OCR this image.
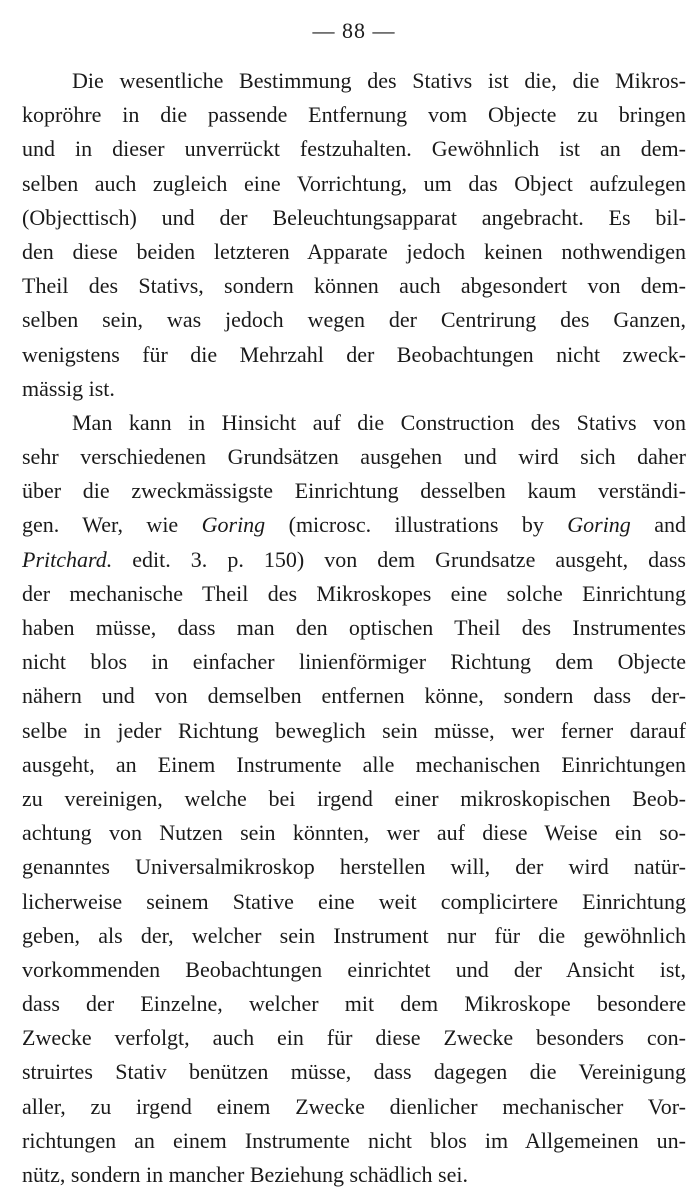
— 88 —
Die wesentliche Bestimmung des Stativs ist die, die Mikros-
kopröhre in die passende Entfernung vom Objecte zu bringen
und in dieser unverrückt festzuhalten. Gewöhnlich ist an dem-
selben auch zugleich eine Vorrichtung, um das Object aufzulegen
(Objecttisch) und der Beleuchtungsapparat angebracht. Es bil-
den diese beiden letzteren Apparate jedoch keinen nothwendigen
Theil des Stativs, sondern können auch abgesondert von dem-
selben sein, was jedoch wegen der Centrirung des Ganzen,
wenigstens für die Mehrzahl der Beobachtungen nicht zweck-
mässig ist.
Man kann in Hinsicht auf die Construction des Stativs von
sehr verschiedenen Grundsätzen ausgehen und wird sich daher
über die zweckmässigste Einrichtung desselben kaum verständi-
gen. Wer, wie Goring (microsc. illustrations by Goring and
Pritchard. edit. 3. p. 150) von dem Grundsatze ausgeht, dass
der mechanische Theil des Mikroskopes eine solche Einrichtung
haben müsse, dass man den optischen Theil des Instrumentes
nicht blos in einfacher linienförmiger Richtung dem Objecte
nähern und von demselben entfernen könne, sondern dass der-
selbe in jeder Richtung beweglich sein müsse, wer ferner darauf
ausgeht, an Einem Instrumente alle mechanischen Einrichtungen
zu vereinigen, welche bei irgend einer mikroskopischen Beob-
achtung von Nutzen sein könnten, wer auf diese Weise ein so-
genanntes Universalmikroskop herstellen will, der wird natür-
licherweise seinem Stative eine weit complicirtere Einrichtung
geben, als der, welcher sein Instrument nur für die gewöhnlich
vorkommenden Beobachtungen einrichtet und der Ansicht ist,
dass der Einzelne, welcher mit dem Mikroskope besondere
Zwecke verfolgt, auch ein für diese Zwecke besonders con-
struirtes Stativ benützen müsse, dass dagegen die Vereinigung
aller, zu irgend einem Zwecke dienlicher mechanischer Vor-
richtungen an einem Instrumente nicht blos im Allgemeinen un-
nütz, sondern in mancher Beziehung schädlich sei.
